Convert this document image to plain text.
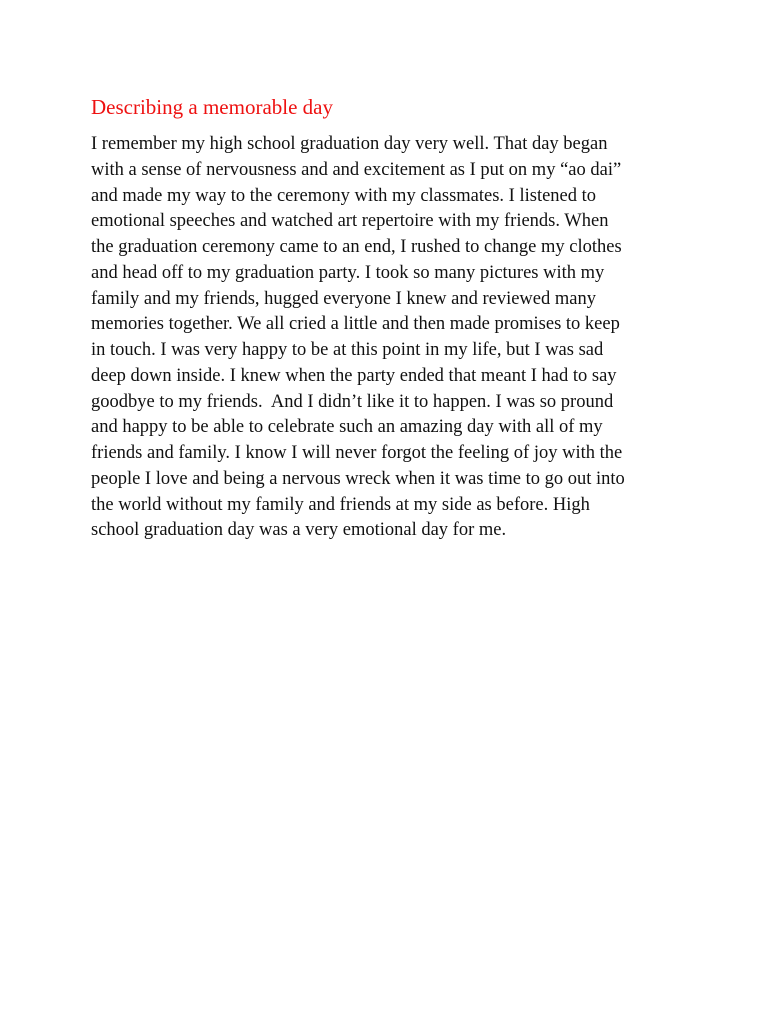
Describing a memorable day
I remember my high school graduation day very well. That day began
with a sense of nervousness and and excitement as I put on my “ao dai”
and made my way to the ceremony with my classmates. I listened to
emotional speeches and watched art repertoire with my friends. When
the graduation ceremony came to an end, I rushed to change my clothes
and head off to my graduation party. I took so many pictures with my
family and my friends, hugged everyone I knew and reviewed many
memories together. We all cried a little and then made promises to keep
in touch. I was very happy to be at this point in my life, but I was sad
deep down inside. I knew when the party ended that meant I had to say
goodbye to my friends.  And I didn’t like it to happen. I was so pround
and happy to be able to celebrate such an amazing day with all of my
friends and family. I know I will never forgot the feeling of joy with the
people I love and being a nervous wreck when it was time to go out into
the world without my family and friends at my side as before. High
school graduation day was a very emotional day for me.
